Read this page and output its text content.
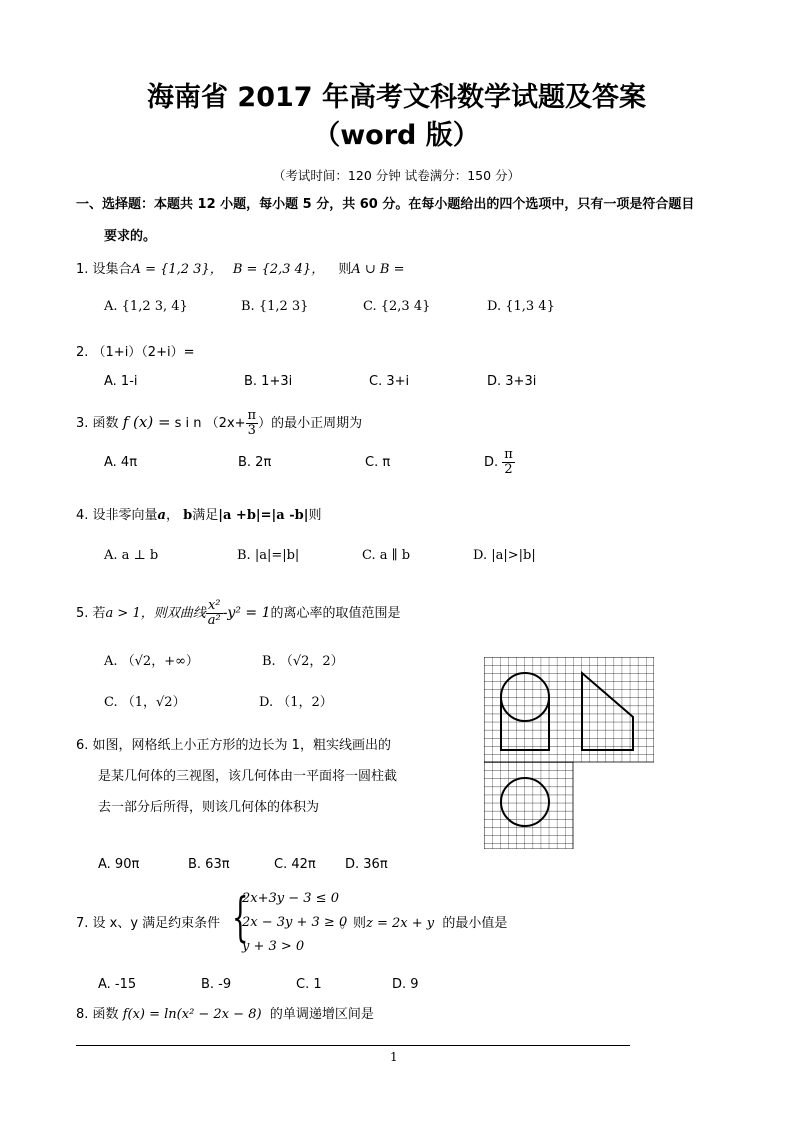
海南省 2017 年高考文科数学试题及答案
（word 版）
（考试时间：120 分钟 试卷满分：150 分）
一、选择题：本题共 12 小题，每小题 5 分，共 60 分。在每小题给出的四个选项中，只有一项是符合题目
要求的。
1. 设集合A = {1,2 3}， B = {2,3 4}， 则A ∪ B =
A. {1,2 3, 4}	B. {1,2 3}	C. {2,3 4}	D. {1,3 4}
2. （1+i）（2+i）=
A. 1-i	B. 1+3i	C. 3+i	D. 3+3i
3. 函数 f (x) = s i n （$2x+ \frac{\pi}{3}$ ）的最小正周期为
A. 4π	B. 2π	C. π	D. $\frac{\pi}{2}$
4. 设非零向量a， b满足|a +b|=|a -b|则
A. a ⊥ b	B. |a|=|b|	C. a ∥ b	D. |a|>|b|
5. 若a > 1，则双曲线 $\frac{\text{x²}}{\text{a²}} -y^2 = 1$的离心率的取值范围是
A. （√2，+∞）	B. （√2，2）
C. （1，√2）	D. （1，2）
6. 如图，网格纸上小正方形的边长为 1，粗实线画出的
是某几何体的三视图，该几何体由一平面将一圆柱截
去一部分后所得，则该几何体的体积为
A. 90π	B. 63π	C. 42π D. 36π
7. 设 x、y 满足约束条件 {
2x+3y − 3 ≤ 0
2x − 3y + 3 ≥ 0
y + 3 > 0
。则z = 2x + y 的最小值是
A. -15	B. -9	C. 1	D. 9
8. 函数 f(x) = ln(x² − 2x − 8) 的单调递增区间是
1
